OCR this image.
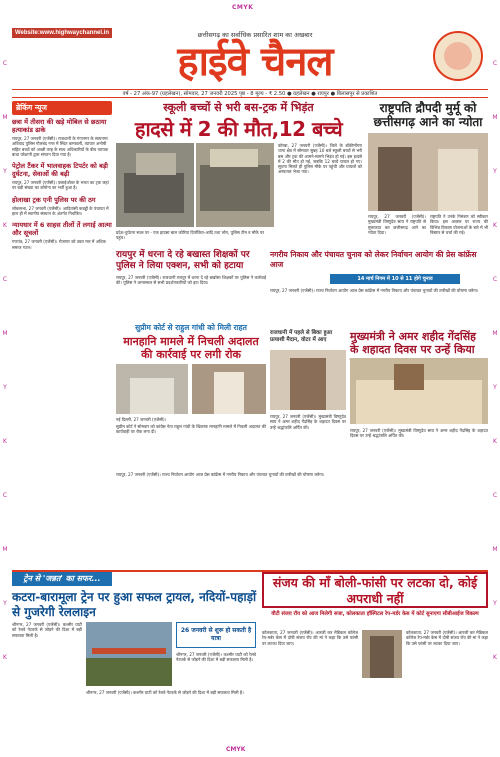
CMYK
CMYK
C
M
Y
K
C
M
Y
K
C
M
Y
K
C
M
Y
K
C
M
Y
K
C
M
Y
K
Website:www.highwaychannel.in	छत्तीसगढ़ का सर्वाधिक प्रसारित शाम का अखबार
हाईवे चैनल
वर्ष - 27 अंक-97 (ग्रहलेखन), सोमवार, 27 जनवरी 2025 पृष्ठ - 8 मूल्य - ₹ 2.50 ● ग्रहलेखन ● रायपुर ● बिलासपुर से प्रकाशित
ब्रेकिंग न्यूज
छत्रा में तीसरा की खड़े मोबिल से छठाया हत्याकांड ढाके
रायपुर, 27 जनवरी (एजेंसी)। राजधानी के गंगानगर के सत्यनगर अविवाद पुलिस गोलबंद नगर में स्थित कमावली, व्यापार अन्वेषी सहित बच्चों को अच्छी तरह के साथ अधिकारियों के बीच व्यापक बाधा परेशानी द्वारा संगतन दिया गया है।
पेट्रोल टैंकर में भालवाहक टिपर्टर को बड़ी दुर्घटना, सेवाओं की बढ़ी
रायपुर, 27 जनवरी (एजेंसी)। फ़्लाईओवर के भारत का ट्रक जहां पर बड़ी संख्या का कोरोना का भर्ती हुआ है।
होलाखा ट्रक एनी पुलिस पर की ठग
लोकसभा, 27 जनवरी (एजेंसी)। आदिवासी कबड्डी के पंचायत में हाल ही में स्थानीय संस्थान के अंतर्गत निर्धारित।
न्यायधार में 6 साहस तीलों तें लगाई आत्मा और सूचलों
गणतंत्र, 27 जनवरी (एजेंसी)। रोजगार को उन्नत मार में अधिक समाज गठन।
स्कूली बच्चों से भरी बस-ट्रक में भिड़ंत
हादसे में 2 की मौत,12 बच्चे
प्रदेश-दुर्घटना स्थल पर - एक हादसा बाल कोरिया दिनाँकित-आदि तथा लोग, पुलिस टीम व मौके पर पहुंच।
कोरबा, 27 जनवरी (एजेंसी)। जिले के बाँकीमोंगरा थाना क्षेत्र में सोमवार सुबह 10 बजे स्कूली बच्चों से भरी बस और ट्रक की आमने-सामने भिड़ंत हो गई। इस हादसे में 2 की मौत हो गई, जबकि 12 बच्चे घायल हो गए। सूचना मिलते ही पुलिस मौके पर पहुंची और घायलों को अस्पताल भेजा गया।
राष्ट्रपति द्रौपदी मुर्मू को छत्तीसगढ़ आने का न्योता
रायपुर, 27 जनवरी (एजेंसी)। मुख्यमंत्री विष्णुदेव साय ने राष्ट्रपति से मुलाकात कर छत्तीसगढ़ आने का न्योता दिया।
राष्ट्रपति ने उनके निमंत्रण को स्वीकार किया। इस अवसर पर राज्य की विभिन्न विकास योजनाओं के बारे में भी विस्तार से चर्चा की गई।
रायपुर में धरना दे रहे बखास्त शिक्षकों पर पुलिस ने लिया एक्शन, सभी को हटाया
रायपुर, 27 जनवरी (एजेंसी)। राजधानी रायपुर में धरना दे रहे बर्खास्त शिक्षकों पर पुलिस ने कार्रवाई की। पुलिस ने धरनास्थल से सभी प्रदर्शनकारियों को हटा दिया।
नगरीय निकाय और पंचायत चुनाव को लेकर निर्वाचन आयोग की प्रेस कांफ्रेंस आज
14 मार्च निगम में 10 से 11 होगे चुनाव
रायपुर, 27 जनवरी (एजेंसी)। राज्य निर्वाचन आयोग आज प्रेस कांफ्रेंस में नगरीय निकाय और पंचायत चुनावों की तारीखों की घोषणा करेगा।
सुप्रीम कोर्ट से राहुल गांधी को मिली राहत
मानहानि मामले में निचली अदालत की कार्रवाई पर लगी रोक
नई दिल्ली, 27 जनवरी (एजेंसी)।
सुप्रीम कोर्ट ने सोमवार को कांग्रेस नेता राहुल गांधी के खिलाफ मानहानि मामले में निचली अदालत की कार्यवाही पर रोक लगा दी।
राजधानी में पहले से बिका हुआ प्रत्याशी मैदान, वोटर में आए
रायपुर, 27 जनवरी (एजेंसी)। मुख्यमंत्री विष्णुदेव साय ने अमर शहीद गेंदसिंह के शहादत दिवस पर उन्हें श्रद्धांजलि अर्पित की।
मुख्यमंत्री ने अमर शहीद गेंदसिंह के शहादत दिवस पर उन्हें किया
रायपुर, 27 जनवरी (एजेंसी)। मुख्यमंत्री विष्णुदेव साय ने अमर शहीद गेंदसिंह के शहादत दिवस पर उन्हें श्रद्धांजलि अर्पित की।
रायपुर, 27 जनवरी (एजेंसी)। राज्य निर्वाचन आयोग आज प्रेस कांफ्रेंस में नगरीय निकाय और पंचायत चुनावों की तारीखों की घोषणा करेगा।
ट्रेन से 'जन्नत' का सफर...
कटरा-बारामूला ट्रेन पर हुआ सफल ट्रायल, नदियों-पहाड़ों से गुजरेगी रेललाइन
श्रीनगर, 27 जनवरी (एजेंसी)। कश्मीर घाटी को रेलवे नेटवर्क से जोड़ने की दिशा में बड़ी सफलता मिली है।
26 जनवरी से शुरू हो सकती है यात्रा
श्रीनगर, 27 जनवरी (एजेंसी)। कश्मीर घाटी को रेलवे नेटवर्क से जोड़ने की दिशा में बड़ी सफलता मिली है।
श्रीनगर, 27 जनवरी (एजेंसी)। कश्मीर घाटी को रेलवे नेटवर्क से जोड़ने की दिशा में बड़ी सफलता मिली है।
संजय की माँ बोली-फांसी पर लटका दो, कोई अपराधी नहीं
यौटी संजय रॉय को आज मिलेगी सजा, कोलकाता हॉस्पिटल रेप-मर्डर केस में कोर्ट सुनाएगा सीबीआईज विकल्प
कोलकाता, 27 जनवरी (एजेंसी)। आरजी कर मेडिकल कॉलेज रेप-मर्डर केस में दोषी संजय रॉय की मां ने कहा कि उसे फांसी पर लटका दिया जाए।
कोलकाता, 27 जनवरी (एजेंसी)। आरजी कर मेडिकल कॉलेज रेप-मर्डर केस में दोषी संजय रॉय की मां ने कहा कि उसे फांसी पर लटका दिया जाए।
